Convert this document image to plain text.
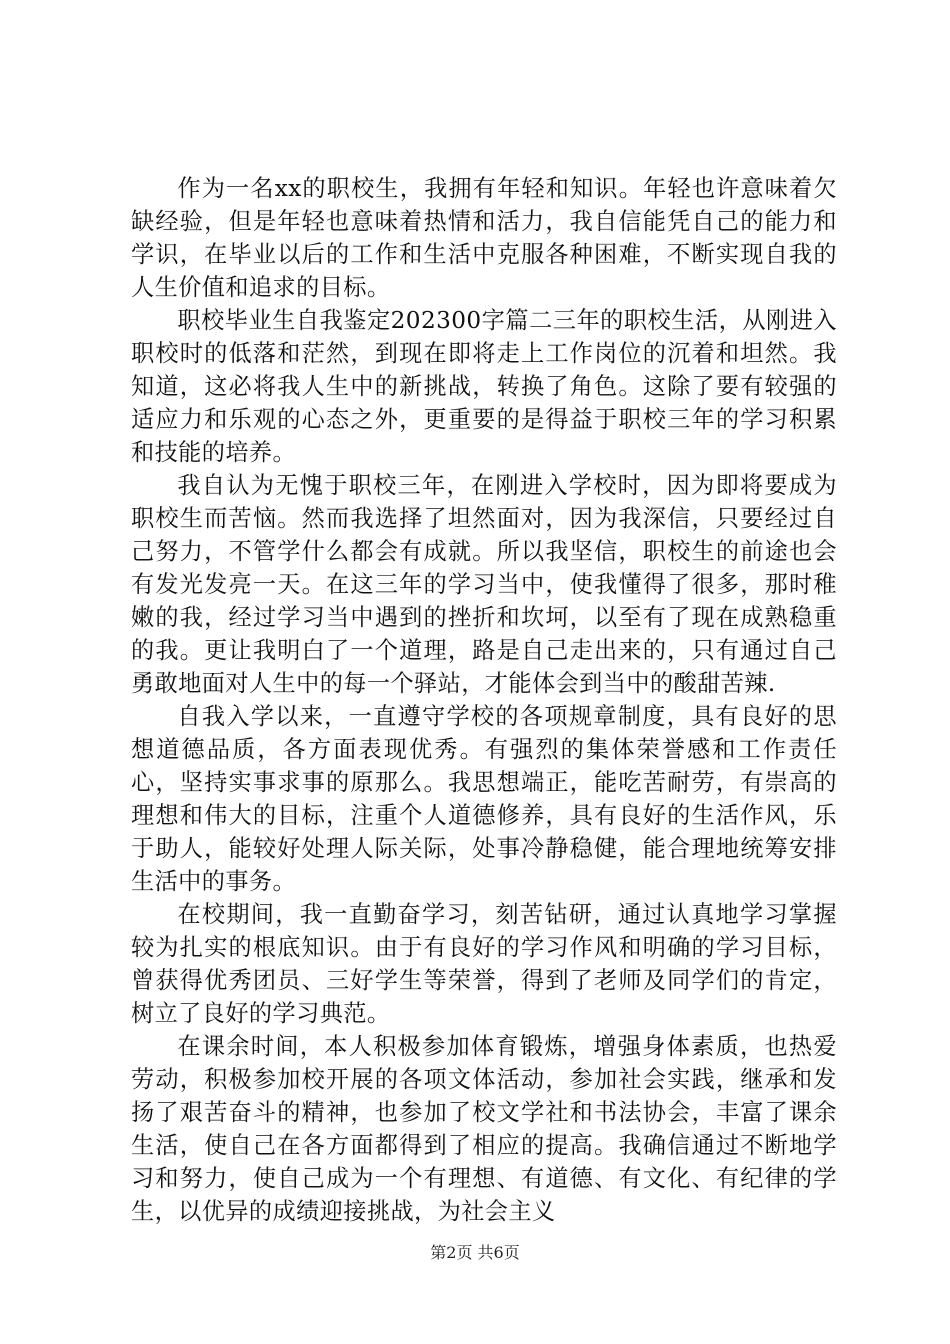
作为一名xx的职校生，我拥有年轻和知识。年轻也许意味着欠缺经验，但是年轻也意味着热情和活力，我自信能凭自己的能力和学识，在毕业以后的工作和生活中克服各种困难，不断实现自我的人生价值和追求的目标。

职校毕业生自我鉴定202300字篇二三年的职校生活，从刚进入职校时的低落和茫然，到现在即将走上工作岗位的沉着和坦然。我知道，这必将我人生中的新挑战，转换了角色。这除了要有较强的适应力和乐观的心态之外，更重要的是得益于职校三年的学习积累和技能的培养。

我自认为无愧于职校三年，在刚进入学校时，因为即将要成为职校生而苦恼。然而我选择了坦然面对，因为我深信，只要经过自己努力，不管学什么都会有成就。所以我坚信，职校生的前途也会有发光发亮一天。在这三年的学习当中，使我懂得了很多，那时稚嫩的我，经过学习当中遇到的挫折和坎坷，以至有了现在成熟稳重的我。更让我明白了一个道理，路是自己走出来的，只有通过自己勇敢地面对人生中的每一个驿站，才能体会到当中的酸甜苦辣.

自我入学以来，一直遵守学校的各项规章制度，具有良好的思想道德品质，各方面表现优秀。有强烈的集体荣誉感和工作责任心，坚持实事求事的原那么。我思想端正，能吃苦耐劳，有崇高的理想和伟大的目标，注重个人道德修养，具有良好的生活作风，乐于助人，能较好处理人际关际，处事冷静稳健，能合理地统筹安排生活中的事务。

在校期间，我一直勤奋学习，刻苦钻研，通过认真地学习掌握较为扎实的根底知识。由于有良好的学习作风和明确的学习目标，曾获得优秀团员、三好学生等荣誉，得到了老师及同学们的肯定，树立了良好的学习典范。

在课余时间，本人积极参加体育锻炼，增强身体素质，也热爱劳动，积极参加校开展的各项文体活动，参加社会实践，继承和发扬了艰苦奋斗的精神，也参加了校文学社和书法协会，丰富了课余生活，使自己在各方面都得到了相应的提高。我确信通过不断地学习和努力，使自己成为一个有理想、有道德、有文化、有纪律的学生，以优异的成绩迎接挑战，为社会主义

第2页 共6页
